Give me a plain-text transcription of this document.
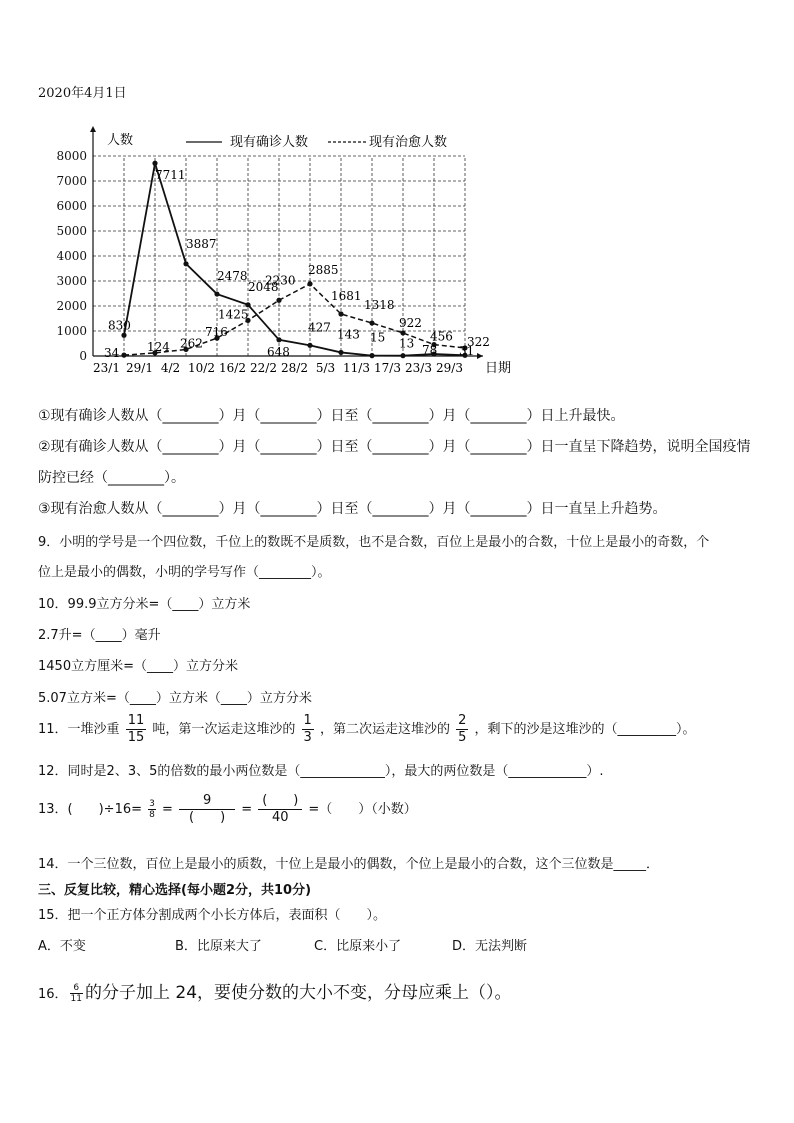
2020年4月1日
0
1000
2000
3000
4000
5000
6000
7000
8000
人数
日期
23/1 29/1 4/2 10/2 16/2 22/2 28/2 5/3 11/3 17/3 23/3 29/3
现有确诊人数	现有治愈人数
830
7711
3887
2478
2048
648
427
143 15 13 78 31
34 124 262
716
1425
2230
2885
1681
1318
922
456 322
①现有确诊人数从（________）月（________）日至（________）月（________）日上升最快。
②现有确诊人数从（________）月（________）日至（________）月（________）日一直呈下降趋势，说明全国疫情
防控已经（________）。
③现有治愈人数从（________）月（________）日至（________）月（________）日一直呈上升趋势。
9．小明的学号是一个四位数，千位上的数既不是质数，也不是合数，百位上是最小的合数，十位上是最小的奇数，个
位上是最小的偶数，小明的学号写作（________）。
10．99.9立方分米=（____）立方米
2.7升=（____）毫升
1450立方厘米=（____）立方分米
5.07立方米=（____）立方米（____）立方分米
11．一堆沙重 $\frac{11}{15}$ 吨，第一次运走这堆沙的 $\frac{1}{3}$ ，第二次运走这堆沙的 $\frac{2}{5}$ ，剩下的沙是这堆沙的（_________）。
12．同时是2、3、5的倍数的最小两位数是（_____________），最大的两位数是（____________）.
13．(　　)$\div 16= \frac{3}{8} = \frac{9}{( )} = \frac{( )}{40}$ =（　　）（小数）
14．一个三位数，百位上是最小的质数，十位上是最小的偶数，个位上是最小的合数，这个三位数是_____．
三、反复比较，精心选择(每小题2分，共10分)
15．把一个正方体分割成两个小长方体后，表面积（　　）。
A．不变	B．比原来大了	C．比原来小了	D．无法判断
16． $\frac{6}{11}$ 的分子加上 24，要使分数的大小不变，分母应乘上（）。
